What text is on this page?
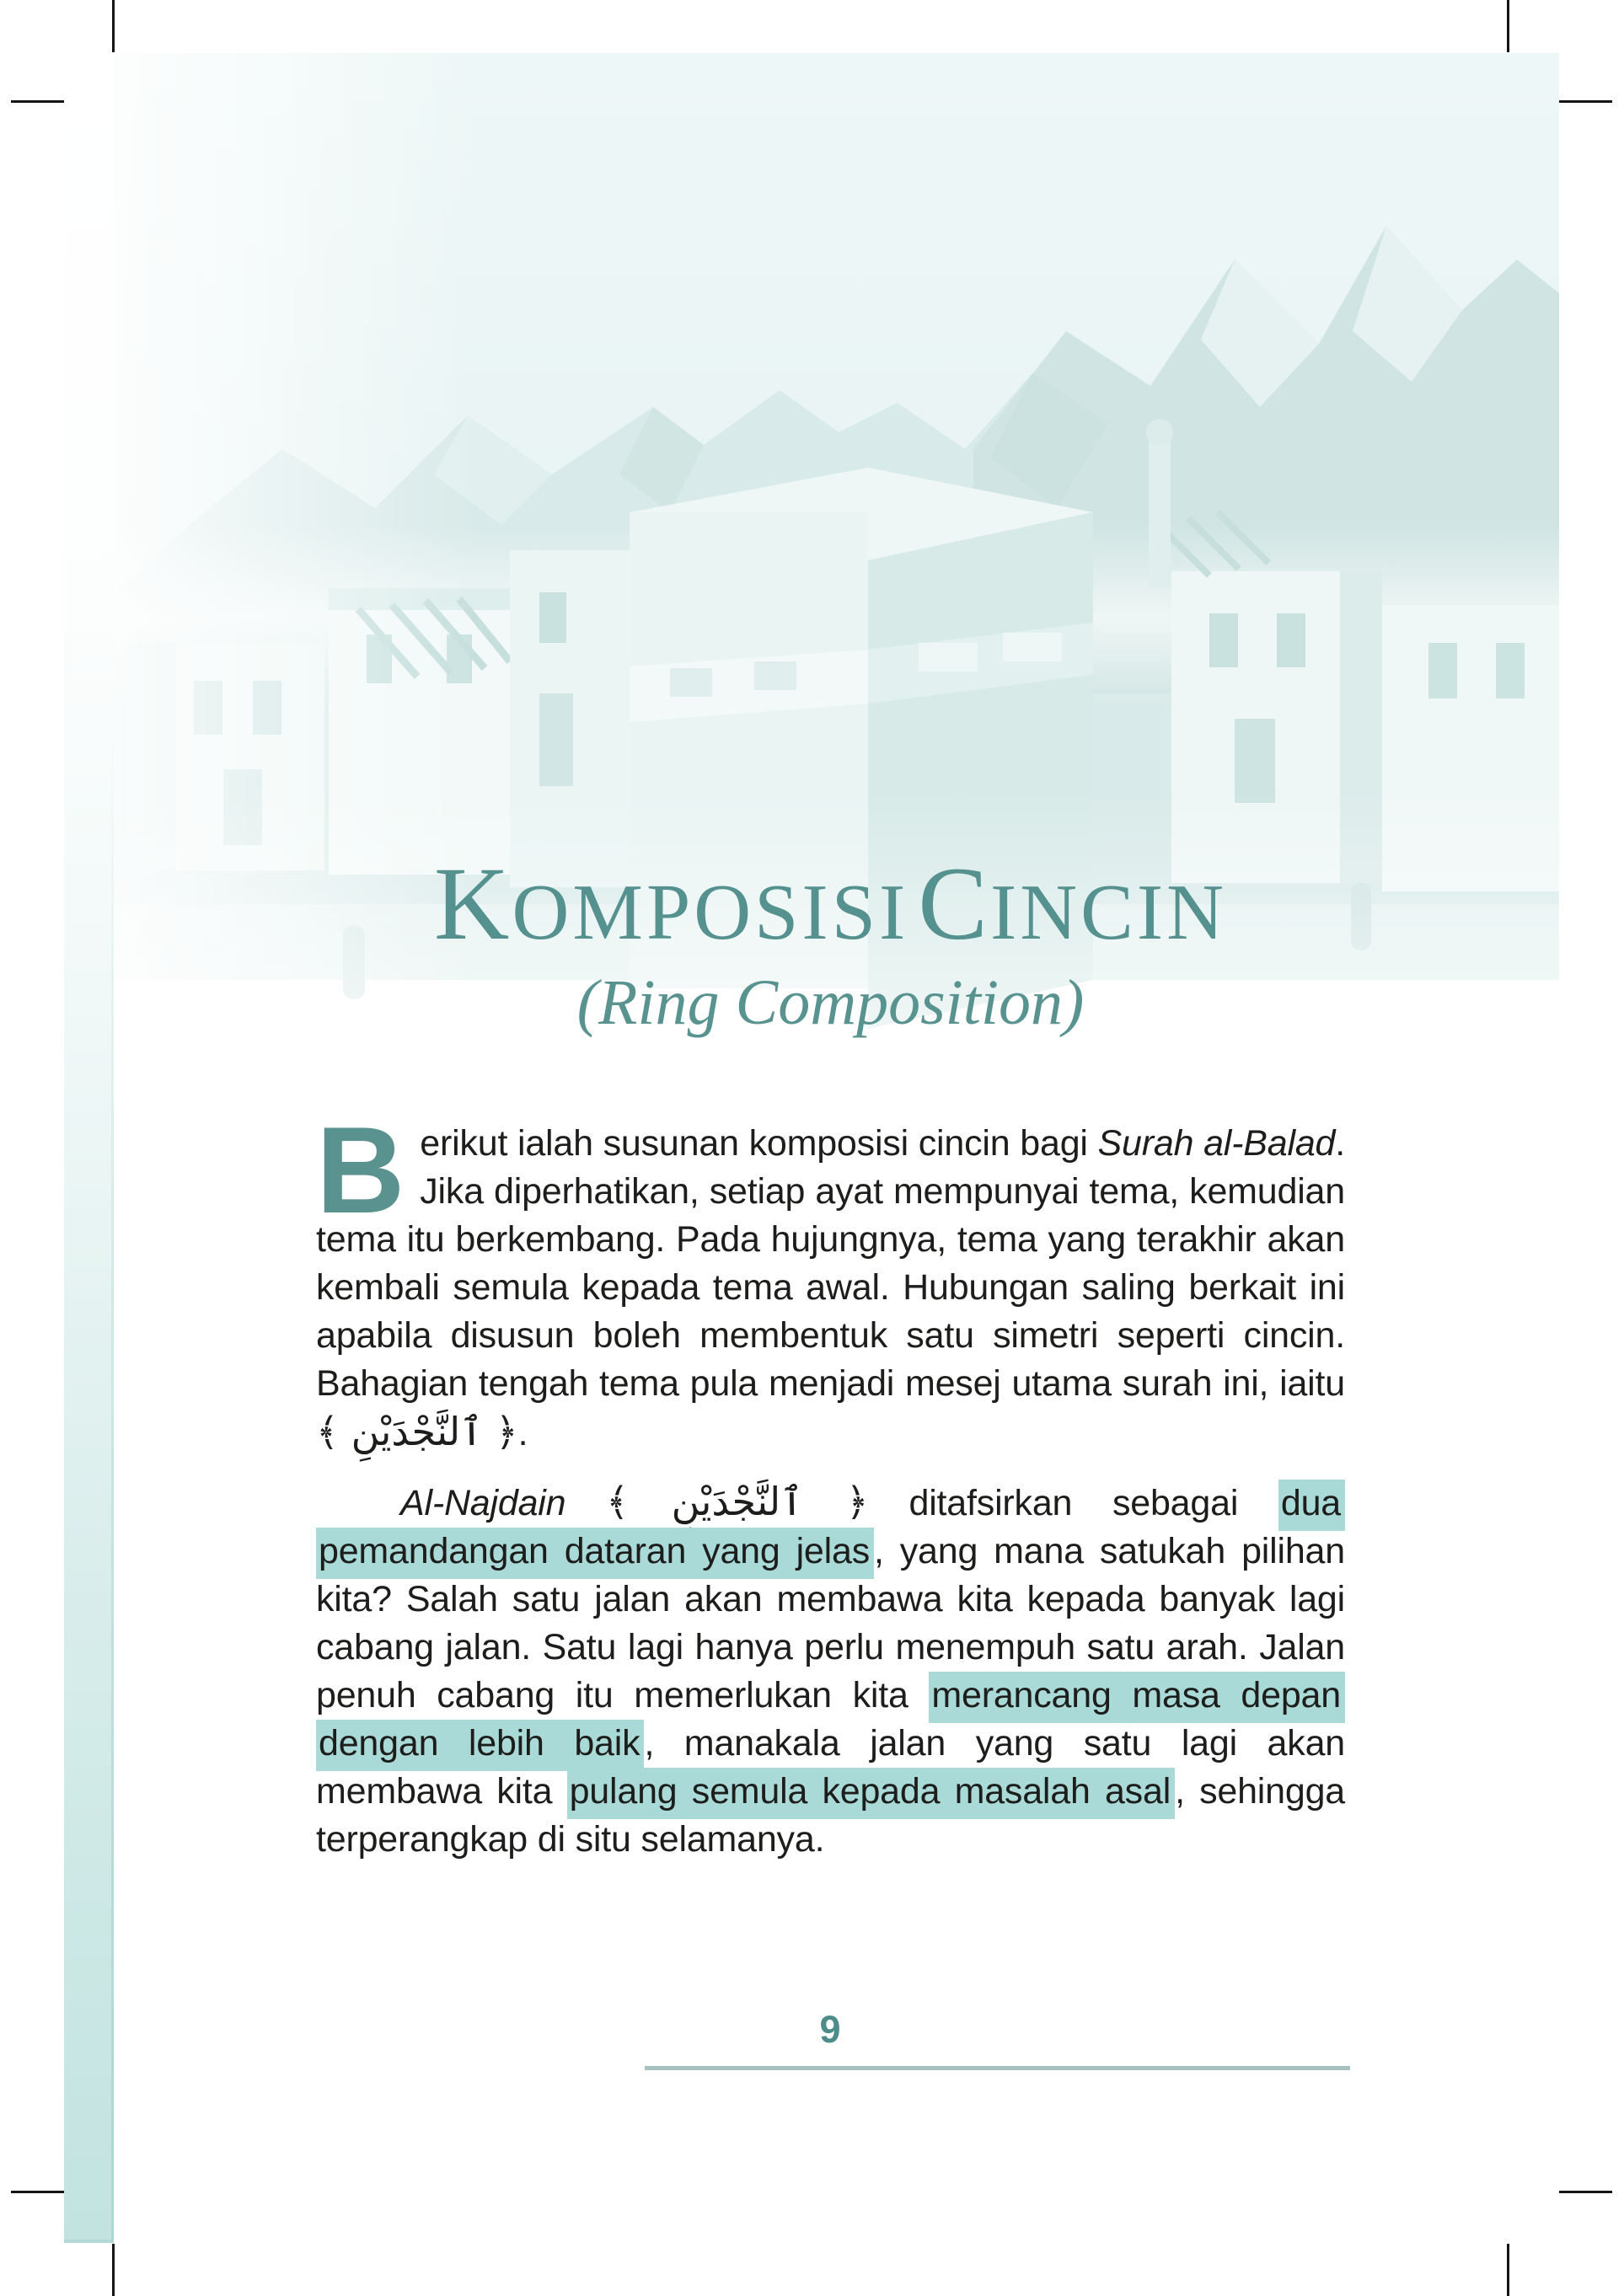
KOMPOSISI CINCIN
(Ring Composition)

Berikut ialah susunan komposisi cincin bagi Surah al-Balad. Jika diperhatikan, setiap ayat mempunyai tema, kemudian tema itu berkembang. Pada hujungnya, tema yang terakhir akan kembali semula kepada tema awal. Hubungan saling berkait ini apabila disusun boleh membentuk satu simetri seperti cincin. Bahagian tengah tema pula menjadi mesej utama surah ini, iaitu ﴾ ٱلنَّجْدَيْنِ ﴿.

Al-Najdain ﴾ ٱلنَّجْدَيْنِ ﴿ ditafsirkan sebagai dua pemandangan dataran yang jelas , yang mana satukah pilihan kita? Salah satu jalan akan membawa kita kepada banyak lagi cabang jalan. Satu lagi hanya perlu menempuh satu arah. Jalan penuh cabang itu memerlukan kita merancang masa depan dengan lebih baik , manakala jalan yang satu lagi akan membawa kita pulang semula kepada masalah asal , sehingga terperangkap di situ selamanya.

9
